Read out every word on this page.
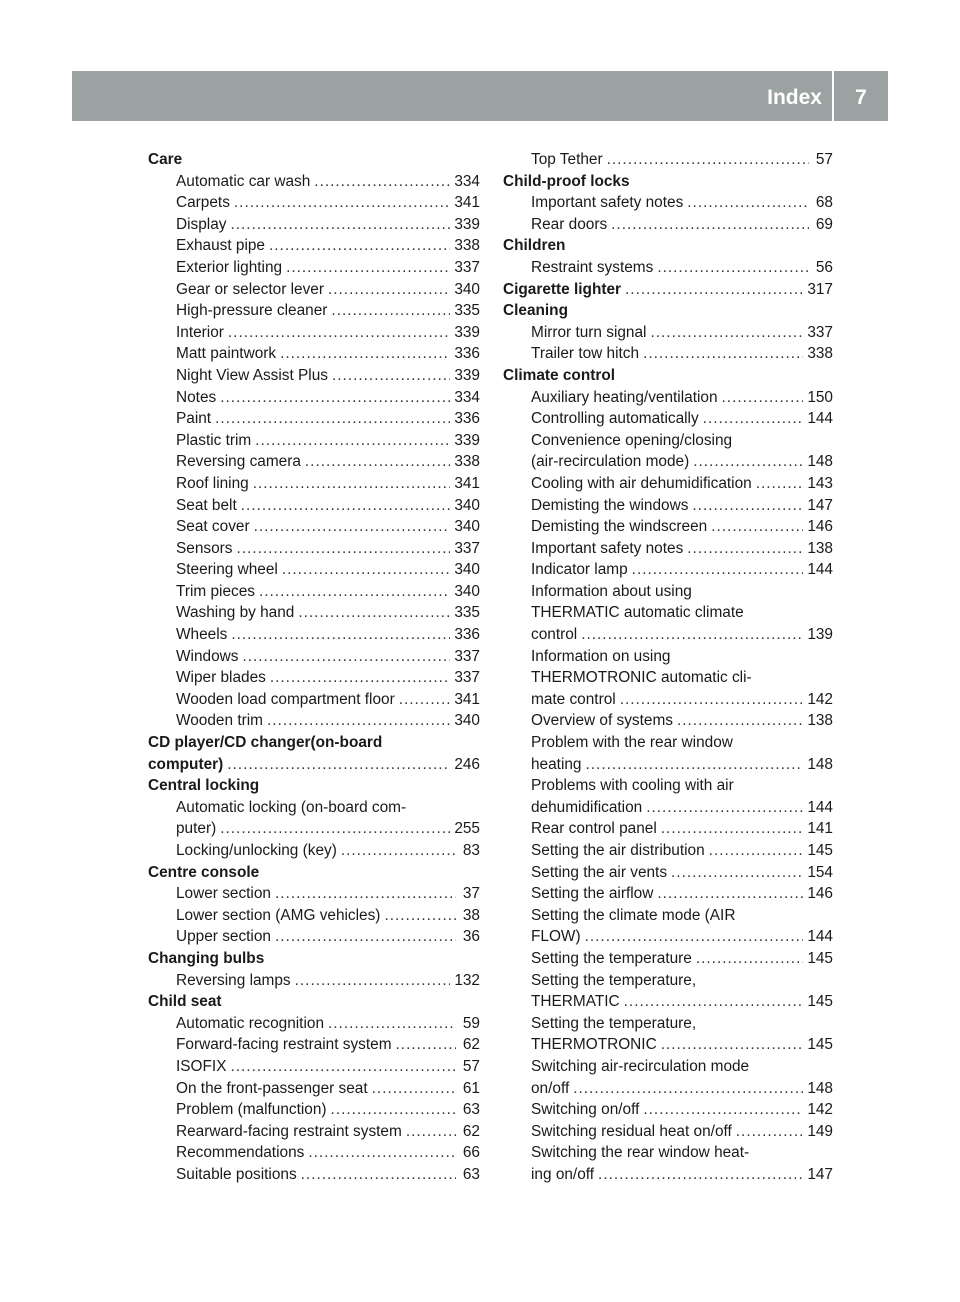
Index	7
Care
Automatic car wash .....	334
Carpets .....	341
Display .....	339
Exhaust pipe .....	338
Exterior lighting .....	337
Gear or selector lever .....	340
High-pressure cleaner .....	335
Interior .....	339
Matt paintwork .....	336
Night View Assist Plus .....	339
Notes .....	334
Paint .....	336
Plastic trim .....	339
Reversing camera .....	338
Roof lining .....	341
Seat belt .....	340
Seat cover .....	340
Sensors .....	337
Steering wheel .....	340
Trim pieces .....	340
Washing by hand .....	335
Wheels .....	336
Windows .....	337
Wiper blades .....	337
Wooden load compartment floor .....	341
Wooden trim .....	340
CD player/CD changer(on-board
computer) .....	246
Central locking
Automatic locking (on-board com-
puter) .....	255
Locking/unlocking (key) .....	83
Centre console
Lower section .....	37
Lower section (AMG vehicles) .....	38
Upper section .....	36
Changing bulbs
Reversing lamps .....	132
Child seat
Automatic recognition .....	59
Forward-facing restraint system .....	62
ISOFIX .....	57
On the front-passenger seat .....	61
Problem (malfunction) .....	63
Rearward-facing restraint system .....	62
Recommendations .....	66
Suitable positions .....	63
Top Tether .....	57
Child-proof locks
Important safety notes .....	68
Rear doors .....	69
Children
Restraint systems .....	56
Cigarette lighter .....	317
Cleaning
Mirror turn signal .....	337
Trailer tow hitch .....	338
Climate control
Auxiliary heating/ventilation .....	150
Controlling automatically .....	144
Convenience opening/closing
(air-recirculation mode) .....	148
Cooling with air dehumidification .....	143
Demisting the windows .....	147
Demisting the windscreen .....	146
Important safety notes .....	138
Indicator lamp .....	144
Information about using
THERMATIC automatic climate
control .....	139
Information on using
THERMOTRONIC automatic cli-
mate control .....	142
Overview of systems .....	138
Problem with the rear window
heating .....	148
Problems with cooling with air
dehumidification .....	144
Rear control panel .....	141
Setting the air distribution .....	145
Setting the air vents .....	154
Setting the airflow .....	146
Setting the climate mode (AIR
FLOW) .....	144
Setting the temperature .....	145
Setting the temperature,
THERMATIC .....	145
Setting the temperature,
THERMOTRONIC .....	145
Switching air-recirculation mode
on/off .....	148
Switching on/off .....	142
Switching residual heat on/off .....	149
Switching the rear window heat-
ing on/off .....	147
